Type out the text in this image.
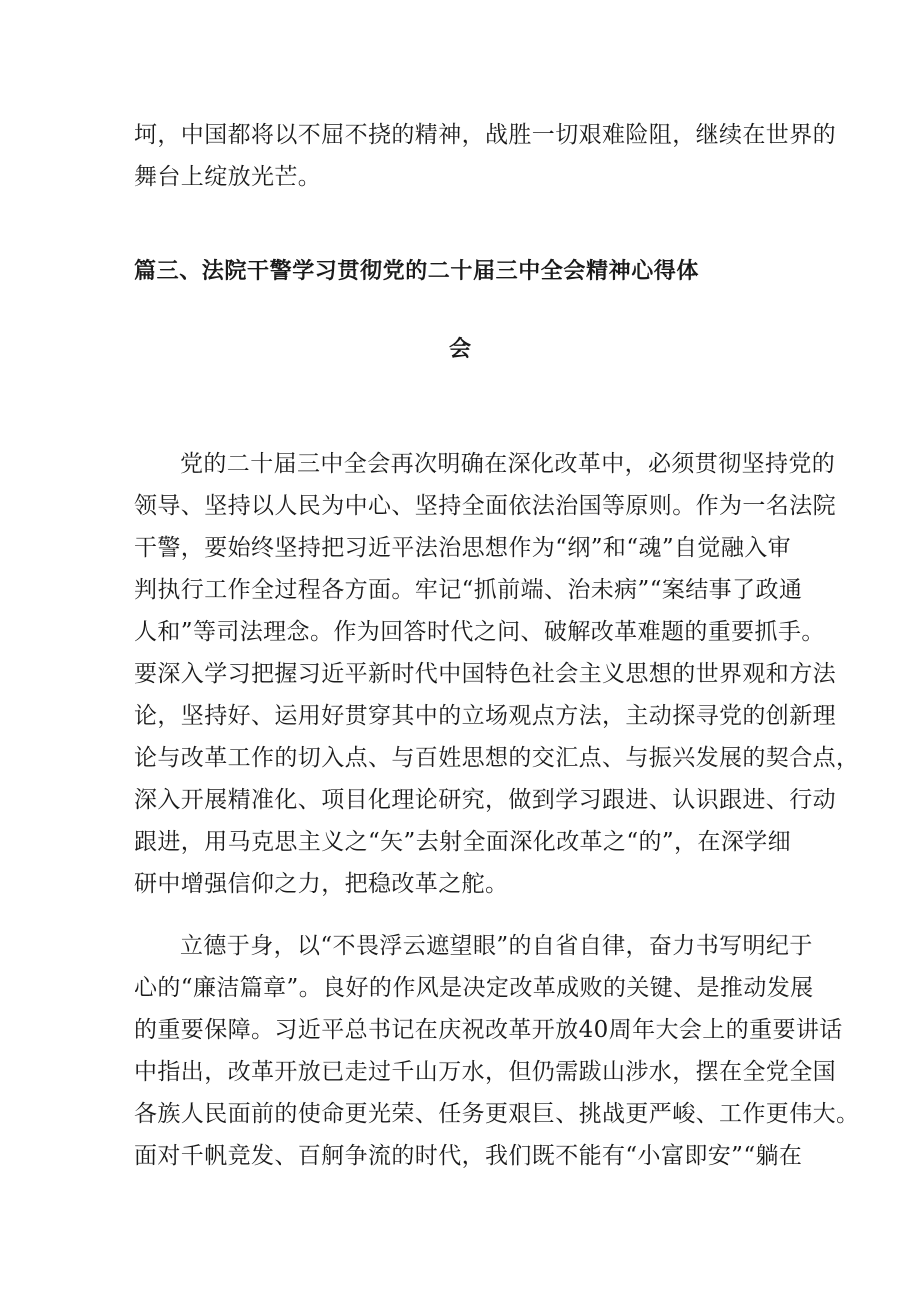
坷，中国都将以不屈不挠的精神，战胜一切艰难险阻，继续在世界的
舞台上绽放光芒。
篇三、法院干警学习贯彻党的二十届三中全会精神心得体
会
党的二十届三中全会再次明确在深化改革中，必须贯彻坚持党的
领导、坚持以人民为中心、坚持全面依法治国等原则。作为一名法院
干警，要始终坚持把习近平法治思想作为“纲”和“魂”自觉融入审
判执行工作全过程各方面。牢记“抓前端、治未病”“案结事了政通
人和”等司法理念。作为回答时代之问、破解改革难题的重要抓手。
要深入学习把握习近平新时代中国特色社会主义思想的世界观和方法
论，坚持好、运用好贯穿其中的立场观点方法，主动探寻党的创新理
论与改革工作的切入点、与百姓思想的交汇点、与振兴发展的契合点，
深入开展精准化、项目化理论研究，做到学习跟进、认识跟进、行动
跟进，用马克思主义之“矢”去射全面深化改革之“的”，在深学细
研中增强信仰之力，把稳改革之舵。
立德于身，以“不畏浮云遮望眼”的自省自律，奋力书写明纪于
心的“廉洁篇章”。良好的作风是决定改革成败的关键、是推动发展
的重要保障。习近平总书记在庆祝改革开放40周年大会上的重要讲话
中指出，改革开放已走过千山万水，但仍需跋山涉水，摆在全党全国
各族人民面前的使命更光荣、任务更艰巨、挑战更严峻、工作更伟大。
面对千帆竞发、百舸争流的时代，我们既不能有“小富即安”“躺在
